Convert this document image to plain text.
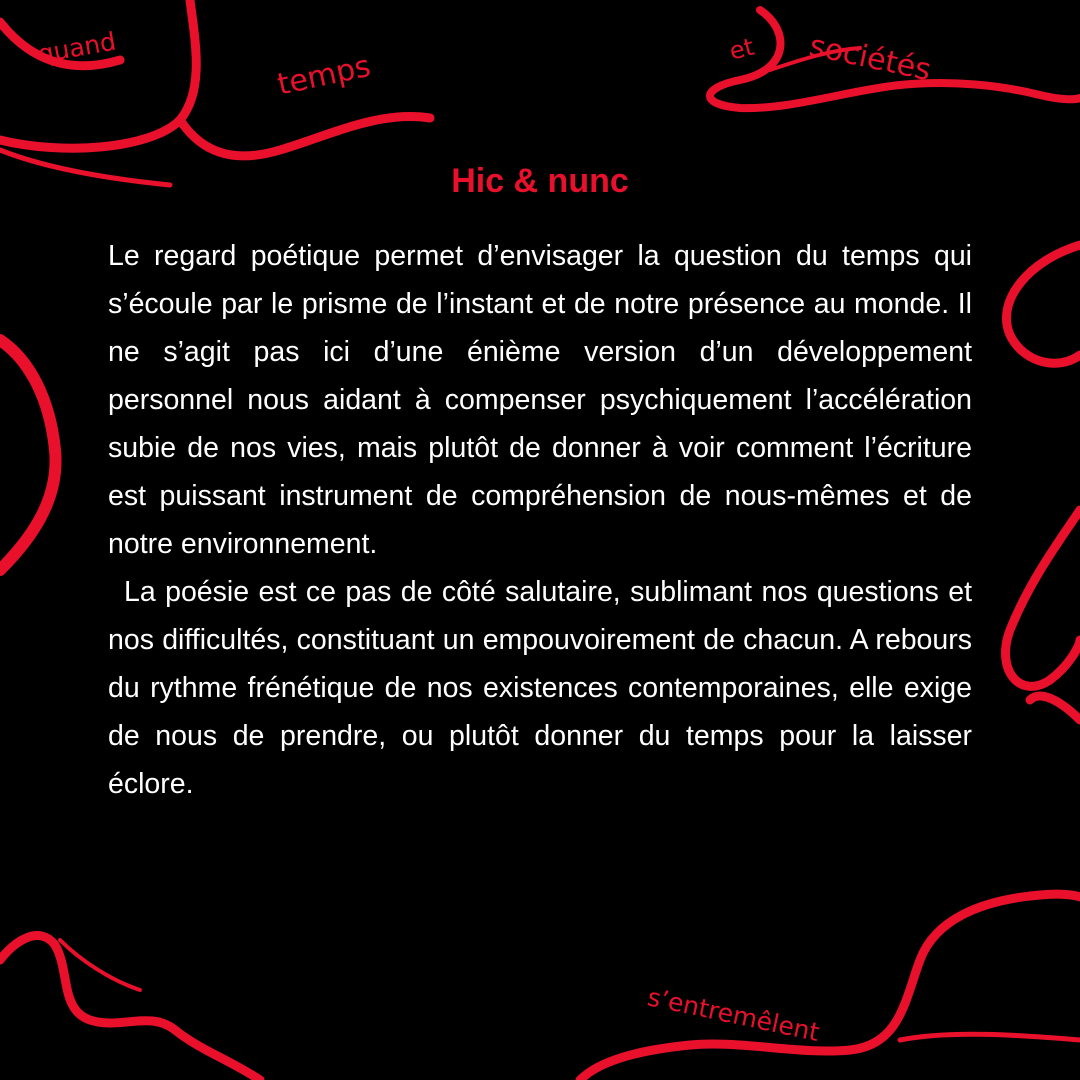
quand
temps	et sociétés
s’entremêlent
Hic & nunc

Le regard poétique permet d’envisager la question du temps qui s’écoule par le prisme de l’instant et de notre présence au monde. Il ne s’agit pas ici d’une énième version d’un développement personnel nous aidant à compenser psychiquement l’accélération subie de nos vies, mais plutôt de donner à voir comment l’écriture est puissant instrument de compréhension de nous-mêmes et de notre environnement.

La poésie est ce pas de côté salutaire, sublimant nos questions et nos difficultés, constituant un empouvoirement de chacun. A rebours du rythme frénétique de nos existences contemporaines, elle exige de nous de prendre, ou plutôt donner du temps pour la laisser éclore.
